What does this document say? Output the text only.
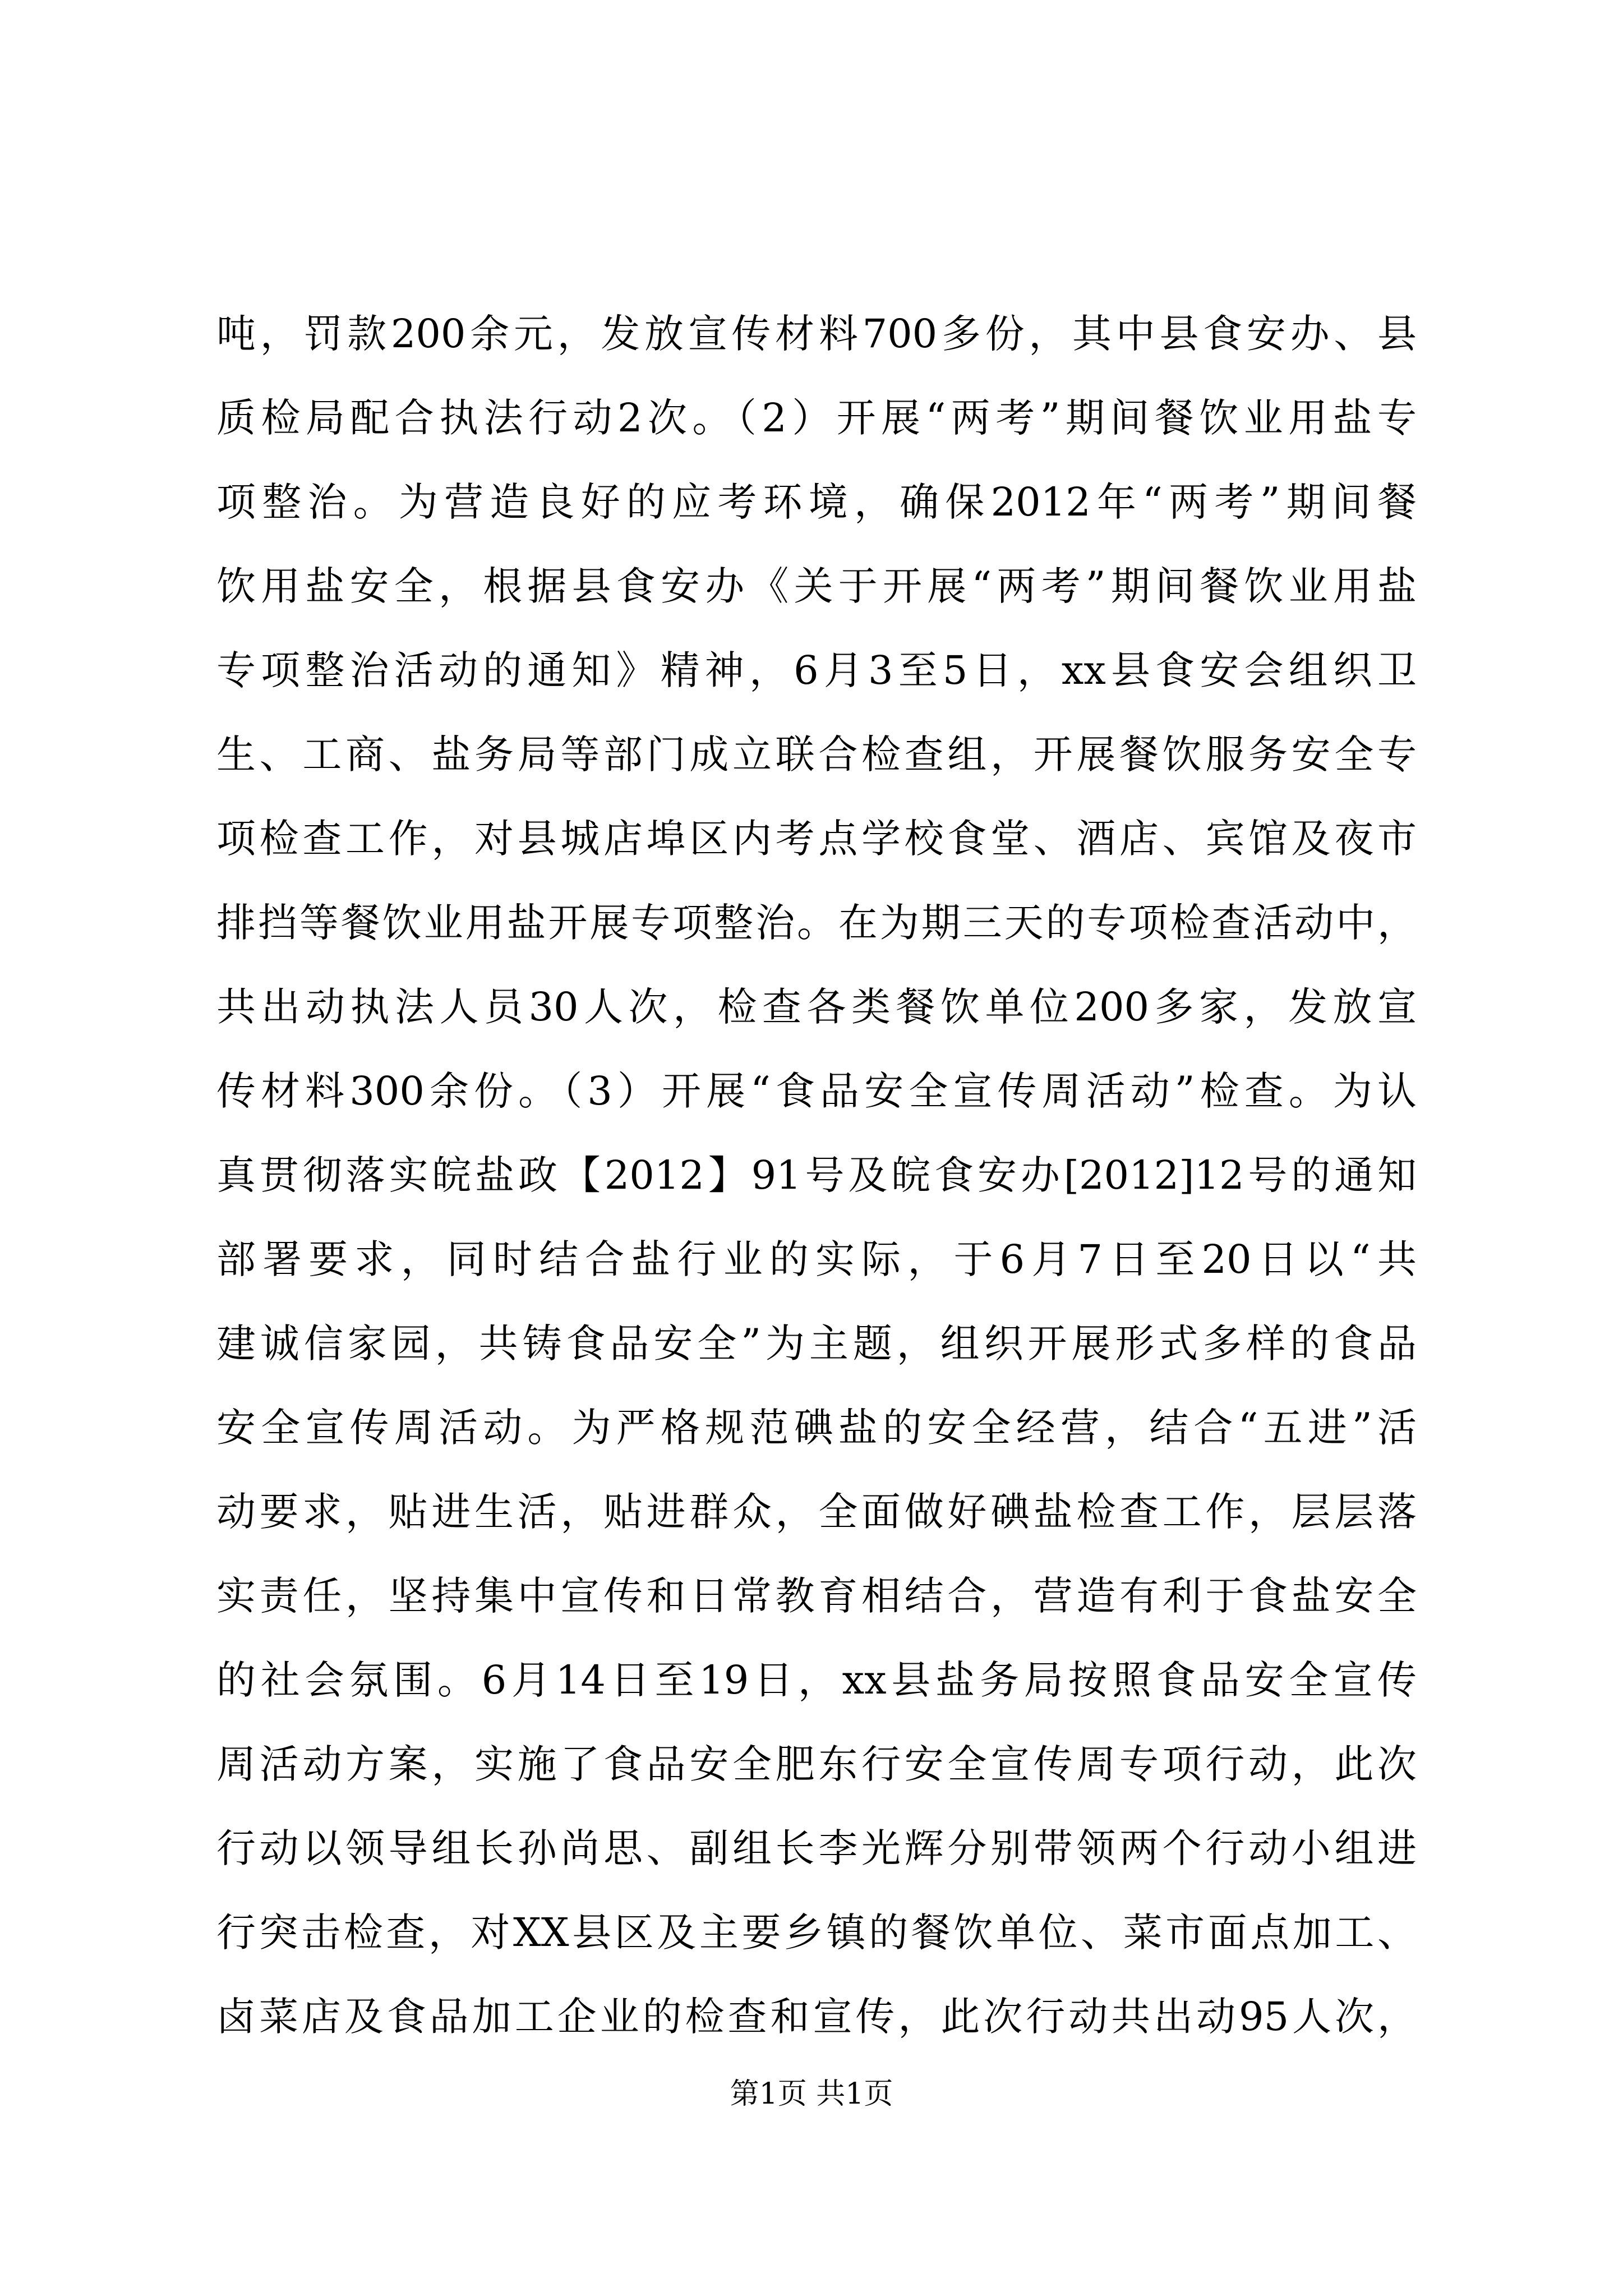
吨，罚款200余元，发放宣传材料700多份，其中县食安办、县
质检局配合执法行动2次。（2）开展“两考”期间餐饮业用盐专
项整治。为营造良好的应考环境，确保2012年“两考”期间餐
饮用盐安全，根据县食安办《关于开展“两考”期间餐饮业用盐
专项整治活动的通知》精神，6月3至5日，xx县食安会组织卫
生、工商、盐务局等部门成立联合检查组，开展餐饮服务安全专
项检查工作，对县城店埠区内考点学校食堂、酒店、宾馆及夜市
排挡等餐饮业用盐开展专项整治。在为期三天的专项检查活动中，
共出动执法人员30人次，检查各类餐饮单位200多家，发放宣
传材料300余份。（3）开展“食品安全宣传周活动”检查。为认
真贯彻落实皖盐政【2012】91号及皖食安办[2012]12号的通知
部署要求，同时结合盐行业的实际，于6月7日至20日以“共
建诚信家园，共铸食品安全”为主题，组织开展形式多样的食品
安全宣传周活动。为严格规范碘盐的安全经营，结合“五进”活
动要求，贴进生活，贴进群众，全面做好碘盐检查工作，层层落
实责任，坚持集中宣传和日常教育相结合，营造有利于食盐安全
的社会氛围。6月14日至19日，xx县盐务局按照食品安全宣传
周活动方案，实施了食品安全肥东行安全宣传周专项行动，此次
行动以领导组长孙尚思、副组长李光辉分别带领两个行动小组进
行突击检查，对XX县区及主要乡镇的餐饮单位、菜市面点加工、
卤菜店及食品加工企业的检查和宣传，此次行动共出动95人次，
第1页 共1页
